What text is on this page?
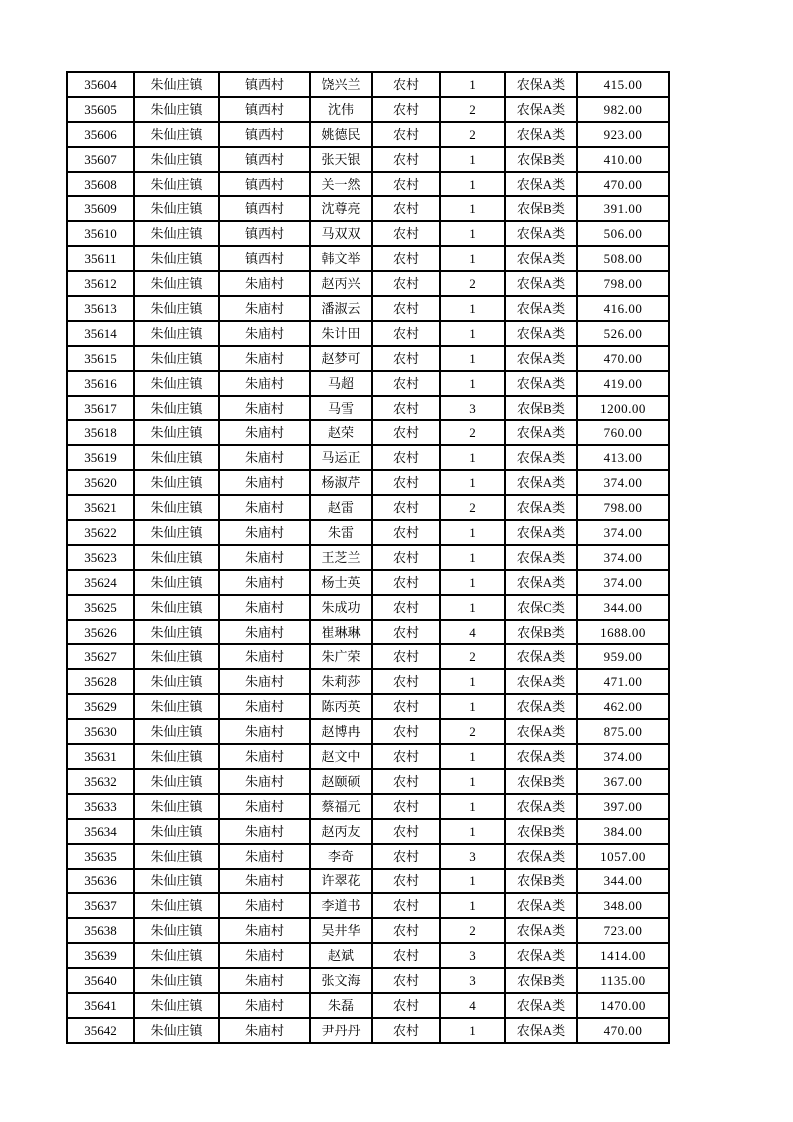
35604	朱仙庄镇	镇西村	饶兴兰	农村	1	农保A类	415.00
35605	朱仙庄镇	镇西村	沈伟	农村	2	农保A类	982.00
35606	朱仙庄镇	镇西村	姚德民	农村	2	农保A类	923.00
35607	朱仙庄镇	镇西村	张天银	农村	1	农保B类	410.00
35608	朱仙庄镇	镇西村	关一然	农村	1	农保A类	470.00
35609	朱仙庄镇	镇西村	沈尊亮	农村	1	农保B类	391.00
35610	朱仙庄镇	镇西村	马双双	农村	1	农保A类	506.00
35611	朱仙庄镇	镇西村	韩文举	农村	1	农保A类	508.00
35612	朱仙庄镇	朱庙村	赵丙兴	农村	2	农保A类	798.00
35613	朱仙庄镇	朱庙村	潘淑云	农村	1	农保A类	416.00
35614	朱仙庄镇	朱庙村	朱计田	农村	1	农保A类	526.00
35615	朱仙庄镇	朱庙村	赵梦可	农村	1	农保A类	470.00
35616	朱仙庄镇	朱庙村	马超	农村	1	农保A类	419.00
35617	朱仙庄镇	朱庙村	马雪	农村	3	农保B类	1200.00
35618	朱仙庄镇	朱庙村	赵荣	农村	2	农保A类	760.00
35619	朱仙庄镇	朱庙村	马运正	农村	1	农保A类	413.00
35620	朱仙庄镇	朱庙村	杨淑芹	农村	1	农保A类	374.00
35621	朱仙庄镇	朱庙村	赵雷	农村	2	农保A类	798.00
35622	朱仙庄镇	朱庙村	朱雷	农村	1	农保A类	374.00
35623	朱仙庄镇	朱庙村	王芝兰	农村	1	农保A类	374.00
35624	朱仙庄镇	朱庙村	杨士英	农村	1	农保A类	374.00
35625	朱仙庄镇	朱庙村	朱成功	农村	1	农保C类	344.00
35626	朱仙庄镇	朱庙村	崔琳琳	农村	4	农保B类	1688.00
35627	朱仙庄镇	朱庙村	朱广荣	农村	2	农保A类	959.00
35628	朱仙庄镇	朱庙村	朱莉莎	农村	1	农保A类	471.00
35629	朱仙庄镇	朱庙村	陈丙英	农村	1	农保A类	462.00
35630	朱仙庄镇	朱庙村	赵博冉	农村	2	农保A类	875.00
35631	朱仙庄镇	朱庙村	赵文中	农村	1	农保A类	374.00
35632	朱仙庄镇	朱庙村	赵颐硕	农村	1	农保B类	367.00
35633	朱仙庄镇	朱庙村	蔡福元	农村	1	农保A类	397.00
35634	朱仙庄镇	朱庙村	赵丙友	农村	1	农保B类	384.00
35635	朱仙庄镇	朱庙村	李奇	农村	3	农保A类	1057.00
35636	朱仙庄镇	朱庙村	许翠花	农村	1	农保B类	344.00
35637	朱仙庄镇	朱庙村	李道书	农村	1	农保A类	348.00
35638	朱仙庄镇	朱庙村	吴井华	农村	2	农保A类	723.00
35639	朱仙庄镇	朱庙村	赵斌	农村	3	农保A类	1414.00
35640	朱仙庄镇	朱庙村	张文海	农村	3	农保B类	1135.00
35641	朱仙庄镇	朱庙村	朱磊	农村	4	农保A类	1470.00
35642	朱仙庄镇	朱庙村	尹丹丹	农村	1	农保A类	470.00
